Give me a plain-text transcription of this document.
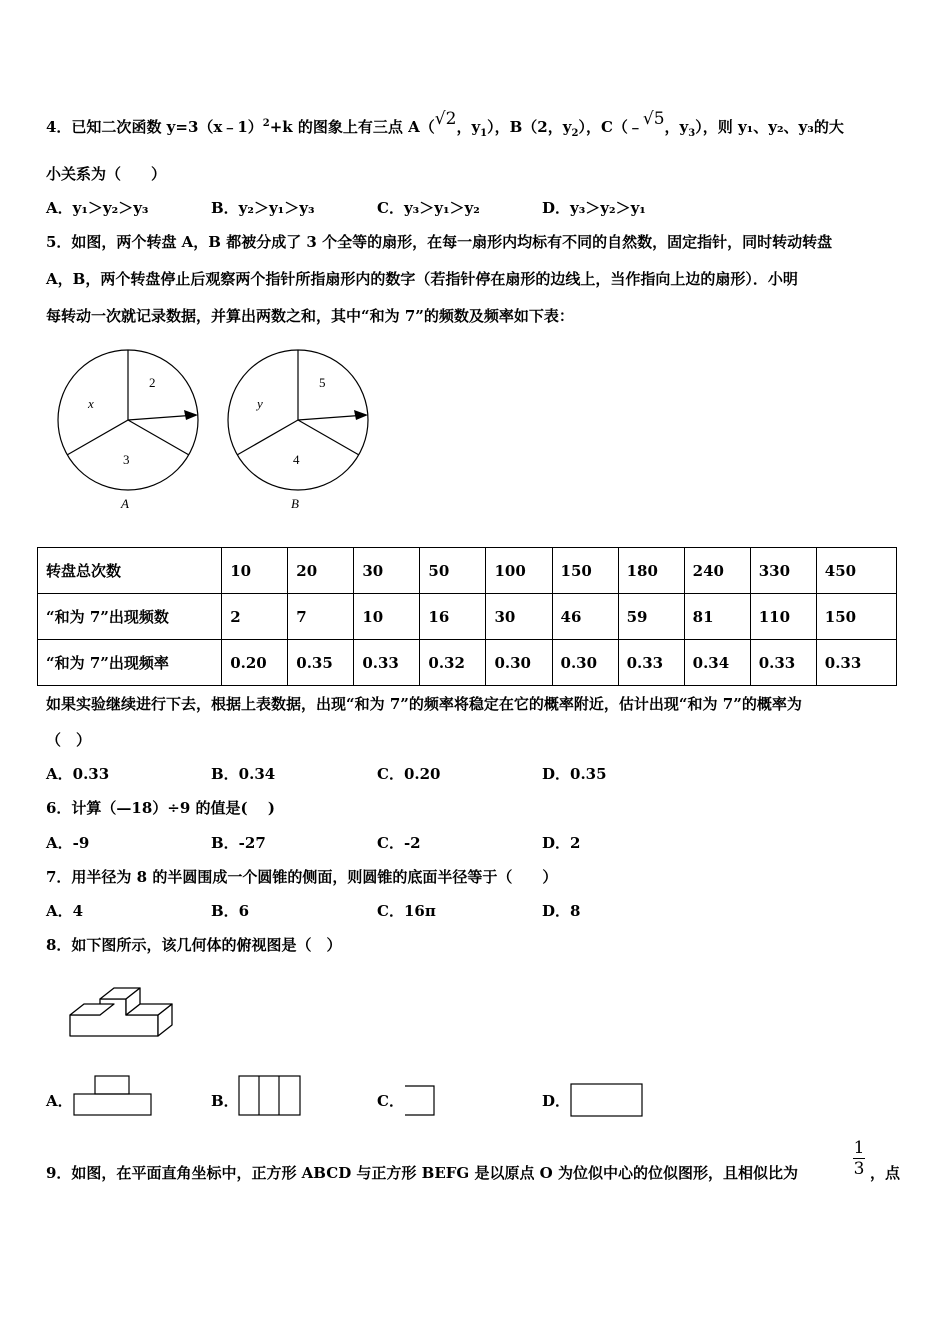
4．已知二次函数 y=3（x﹣1）$^2$+k 的图象上有三点 A（√2，$y_1$），B（2，$y_2$），C（﹣√5，$y_3$），则 y₁、y₂、y₃的大
小关系为（　　）
A．y₁＞y₂＞y₃	B．y₂＞y₁＞y₃	C．y₃＞y₁＞y₂	D．y₃＞y₂＞y₁
5．如图，两个转盘 A，B 都被分成了 3 个全等的扇形，在每一扇形内均标有不同的自然数，固定指针，同时转动转盘
A，B，两个转盘停止后观察两个指针所指扇形内的数字（若指针停在扇形的边线上，当作指向上边的扇形）．小明
每转动一次就记录数据，并算出两数之和，其中“和为 7”的频数及频率如下表：
x
2
3
A
y
5
4
B
转盘总次数	10	20	30	50	100	150	180	240	330	450
“和为 7”出现频数	2	7	10	16	30	46	59	81	110	150
“和为 7”出现频率	0.20	0.35	0.33	0.32	0.30	0.30	0.33	0.34	0.33	0.33
如果实验继续进行下去，根据上表数据，出现“和为 7”的频率将稳定在它的概率附近，估计出现“和为 7”的概率为
（　）
A．0.33	B．0.34	C．0.20	D．0.35
6．计算（—18）÷9 的值是(　 )
A．-9	B．-27	C．-2	D．2
7．用半径为 8 的半圆围成一个圆锥的侧面，则圆锥的底面半径等于（　　）
A．4	B．6	C．16π	D．8
8．如下图所示，该几何体的俯视图是（　）
A．	B．	C．	D．
9．如图，在平面直角坐标中，正方形 ABCD 与正方形 BEFG 是以原点 O 为位似中心的位似图形，且相似比为
1
3 ，点
